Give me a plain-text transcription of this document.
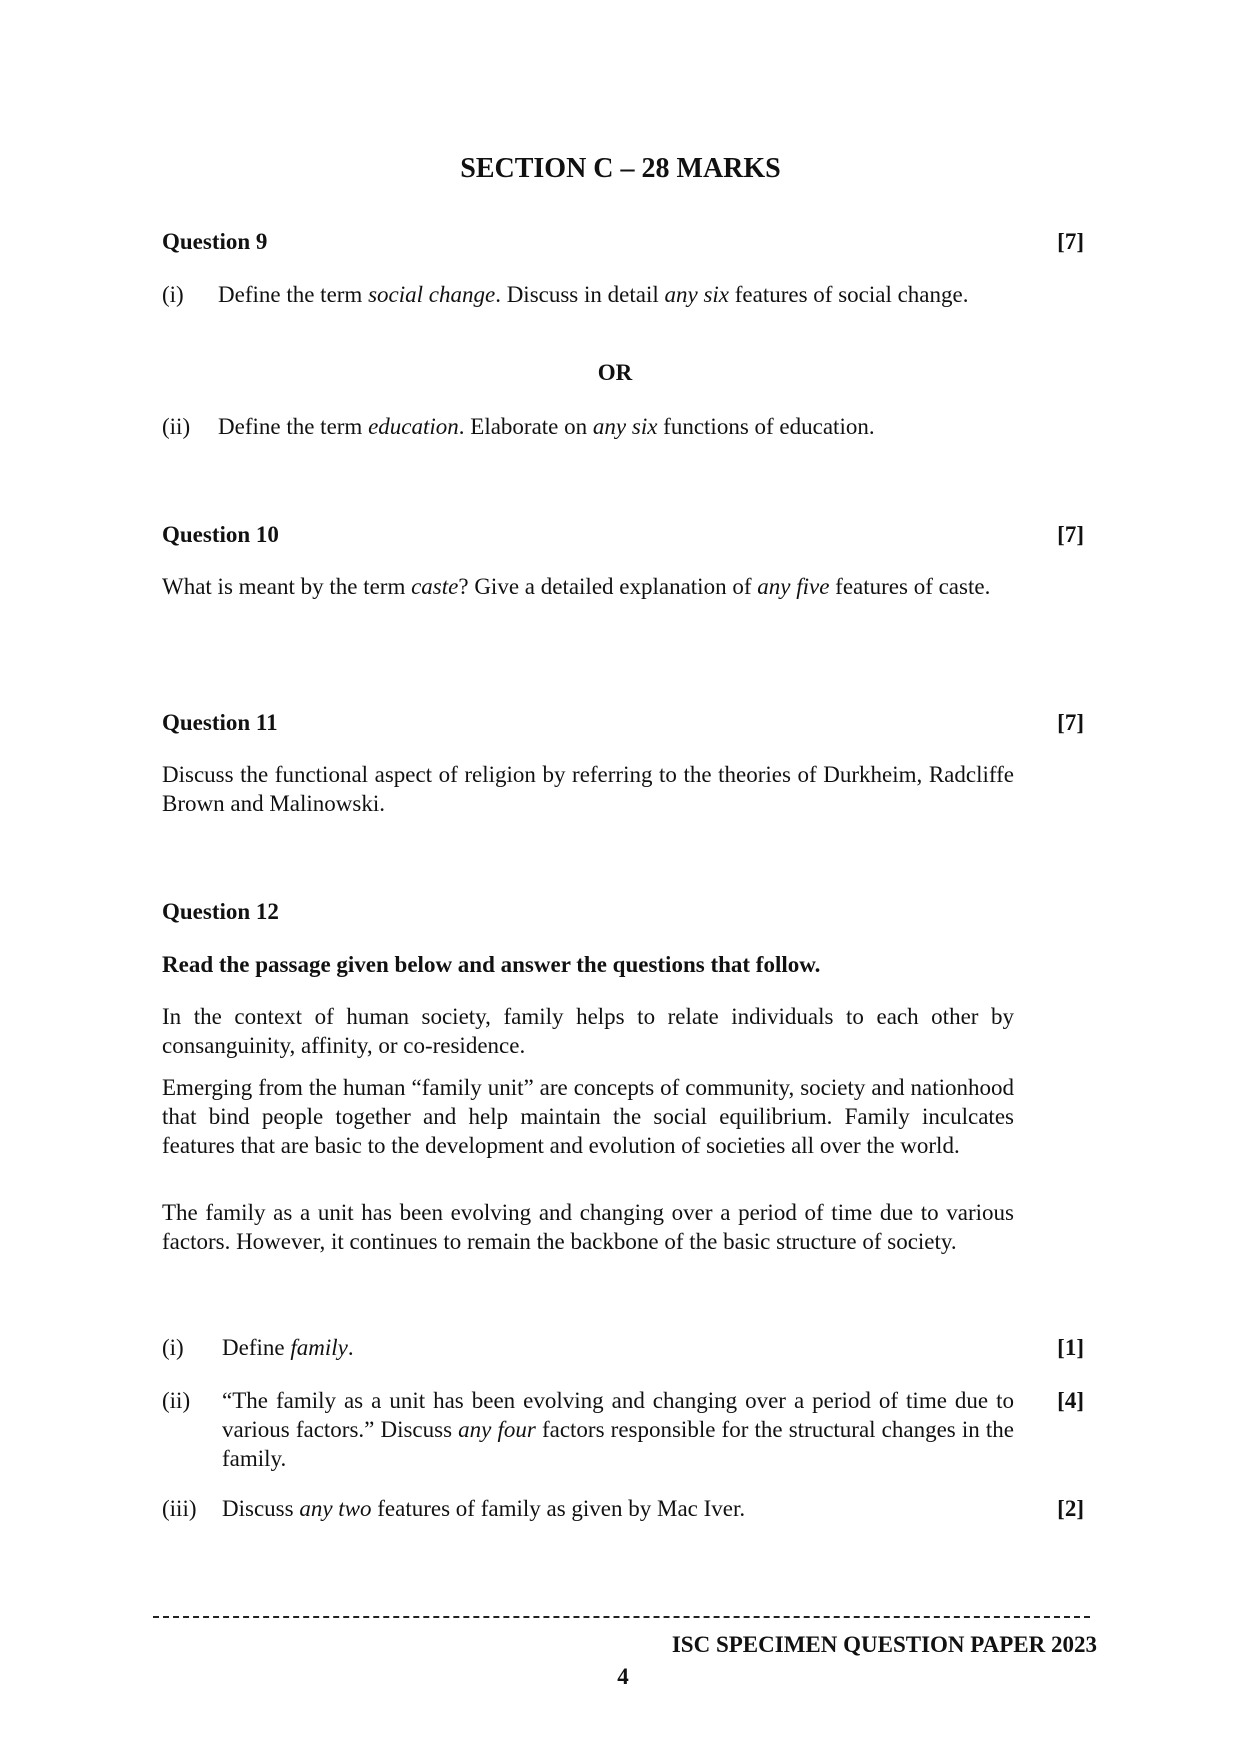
SECTION C – 28 MARKS
Question 9	[7]
(i)	Define the term social change. Discuss in detail any six features of social change.
OR
(ii)	Define the term education. Elaborate on any six functions of education.
Question 10	[7]
What is meant by the term caste? Give a detailed explanation of any five features of caste.
Question 11	[7]
Discuss the functional aspect of religion by referring to the theories of Durkheim, Radcliffe Brown and Malinowski.
Question 12
Read the passage given below and answer the questions that follow.
In the context of human society, family helps to relate individuals to each other by consanguinity, affinity, or co-residence.
Emerging from the human “family unit” are concepts of community, society and nationhood that bind people together and help maintain the social equilibrium. Family inculcates features that are basic to the development and evolution of societies all over the world.
The family as a unit has been evolving and changing over a period of time due to various factors. However, it continues to remain the backbone of the basic structure of society.
(i)	Define family.	[1]
(ii)	“The family as a unit has been evolving and changing over a period of time due to various factors.” Discuss any four factors responsible for the structural changes in the family.
[4]
(iii)	Discuss any two features of family as given by Mac Iver.	[2]
ISC SPECIMEN QUESTION PAPER 2023
4
